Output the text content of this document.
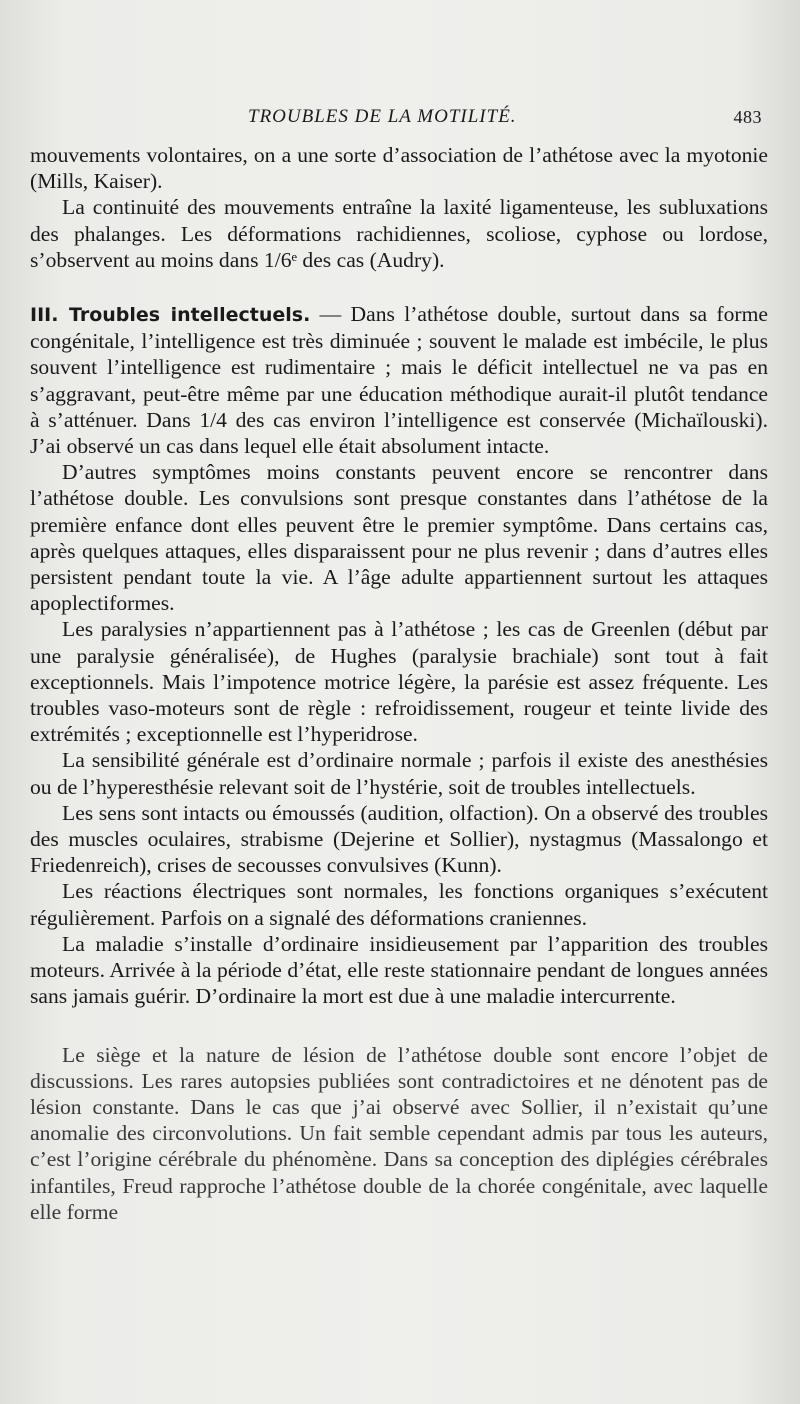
TROUBLES DE LA MOTILITÉ.	483

mouvements volontaires, on a une sorte d’association de l’athétose avec la myotonie (Mills, Kaiser).

La continuité des mouvements entraîne la laxité ligamenteuse, les subluxations des phalanges. Les déformations rachidiennes, scoliose, cyphose ou lordose, s’observent au moins dans 1/6ᵉ des cas (Audry).

III. Troubles intellectuels. — Dans l’athétose double, surtout dans sa forme congénitale, l’intelligence est très diminuée ; souvent le malade est imbécile, le plus souvent l’intelligence est rudimentaire ; mais le déficit intellectuel ne va pas en s’aggravant, peut-être même par une éducation méthodique aurait-il plutôt tendance à s’atténuer. Dans 1/4 des cas environ l’intelligence est conservée (Michaïlouski). J’ai observé un cas dans lequel elle était absolument intacte.

D’autres symptômes moins constants peuvent encore se rencontrer dans l’athétose double. Les convulsions sont presque constantes dans l’athétose de la première enfance dont elles peuvent être le premier symptôme. Dans certains cas, après quelques attaques, elles disparaissent pour ne plus revenir ; dans d’autres elles persistent pendant toute la vie. A l’âge adulte appartiennent surtout les attaques apoplectiformes.

Les paralysies n’appartiennent pas à l’athétose ; les cas de Greenlen (début par une paralysie généralisée), de Hughes (paralysie brachiale) sont tout à fait exceptionnels. Mais l’impotence motrice légère, la parésie est assez fréquente. Les troubles vaso-moteurs sont de règle : refroidissement, rougeur et teinte livide des extrémités ; exceptionnelle est l’hyperidrose.

La sensibilité générale est d’ordinaire normale ; parfois il existe des anesthésies ou de l’hyperesthésie relevant soit de l’hystérie, soit de troubles intellectuels.

Les sens sont intacts ou émoussés (audition, olfaction). On a observé des troubles des muscles oculaires, strabisme (Dejerine et Sollier), nystagmus (Massalongo et Friedenreich), crises de secousses convulsives (Kunn).

Les réactions électriques sont normales, les fonctions organiques s’exécutent régulièrement. Parfois on a signalé des déformations craniennes.

La maladie s’installe d’ordinaire insidieusement par l’apparition des troubles moteurs. Arrivée à la période d’état, elle reste stationnaire pendant de longues années sans jamais guérir. D’ordinaire la mort est due à une maladie intercurrente.

Le siège et la nature de lésion de l’athétose double sont encore l’objet de discussions. Les rares autopsies publiées sont contradictoires et ne dénotent pas de lésion constante. Dans le cas que j’ai observé avec Sollier, il n’existait qu’une anomalie des circonvolutions. Un fait semble cependant admis par tous les auteurs, c’est l’origine cérébrale du phénomène. Dans sa conception des diplégies cérébrales infantiles, Freud rapproche l’athétose double de la chorée congénitale, avec laquelle elle forme
